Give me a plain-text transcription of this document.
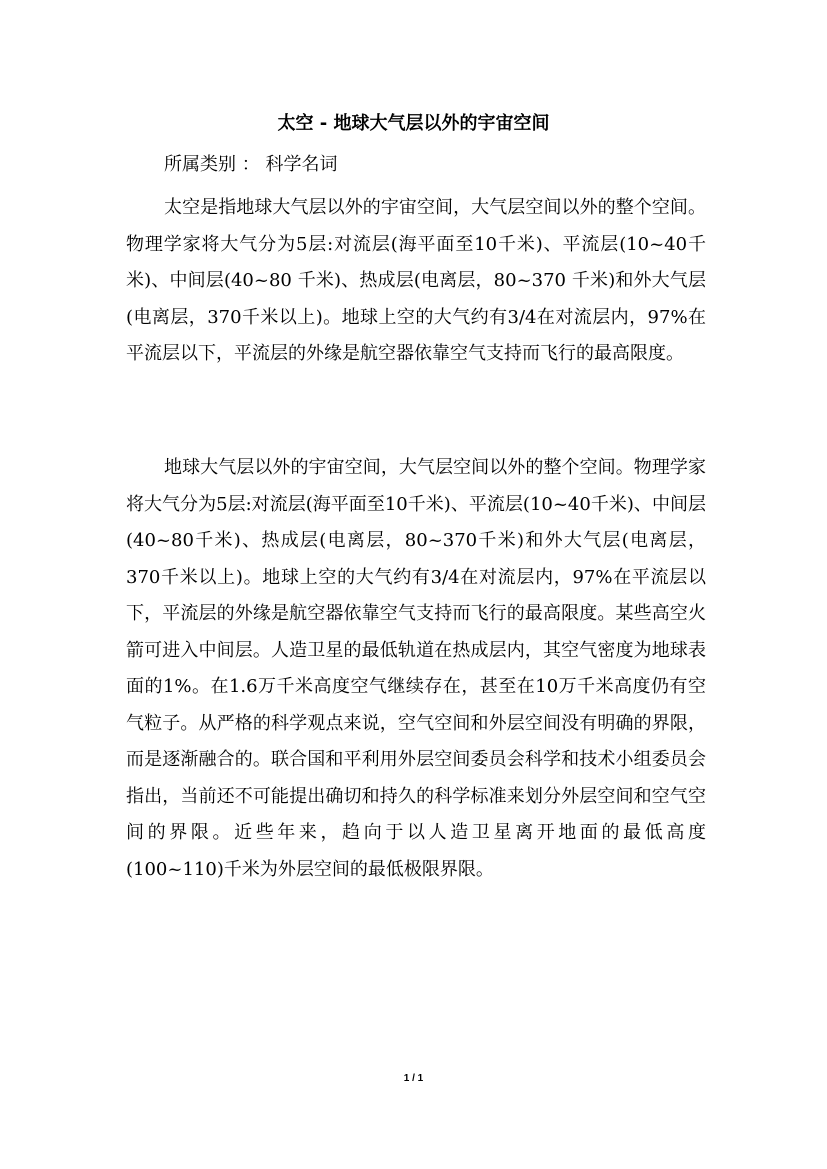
太空 - 地球大气层以外的宇宙空间
所属类别 ： 科学名词

太空是指地球大气层以外的宇宙空间，大气层空间以外的整个空间。物理学家将大气分为5层:对流层(海平面至10千米)、平流层(10~40千米)、中间层(40~80 千米)、热成层(电离层，80~370 千米)和外大气层(电离层，370千米以上)。地球上空的大气约有3/4在对流层内，97%在平流层以下，平流层的外缘是航空器依靠空气支持而飞行的最高限度。

地球大气层以外的宇宙空间，大气层空间以外的整个空间。物理学家将大气分为5层:对流层(海平面至10千米)、平流层(10~40千米)、中间层(40~80千米)、热成层(电离层，80~370千米)和外大气层(电离层，370千米以上)。地球上空的大气约有3/4在对流层内，97%在平流层以下，平流层的外缘是航空器依靠空气支持而飞行的最高限度。某些高空火箭可进入中间层。人造卫星的最低轨道在热成层内，其空气密度为地球表面的1%。在1.6万千米高度空气继续存在，甚至在10万千米高度仍有空气粒子。从严格的科学观点来说，空气空间和外层空间没有明确的界限，而是逐渐融合的。联合国和平利用外层空间委员会科学和技术小组委员会指出，当前还不可能提出确切和持久的科学标准来划分外层空间和空气空间的界限。近些年来，趋向于以人造卫星离开地面的最低高度(100~110)千米为外层空间的最低极限界限。

1 / 1
